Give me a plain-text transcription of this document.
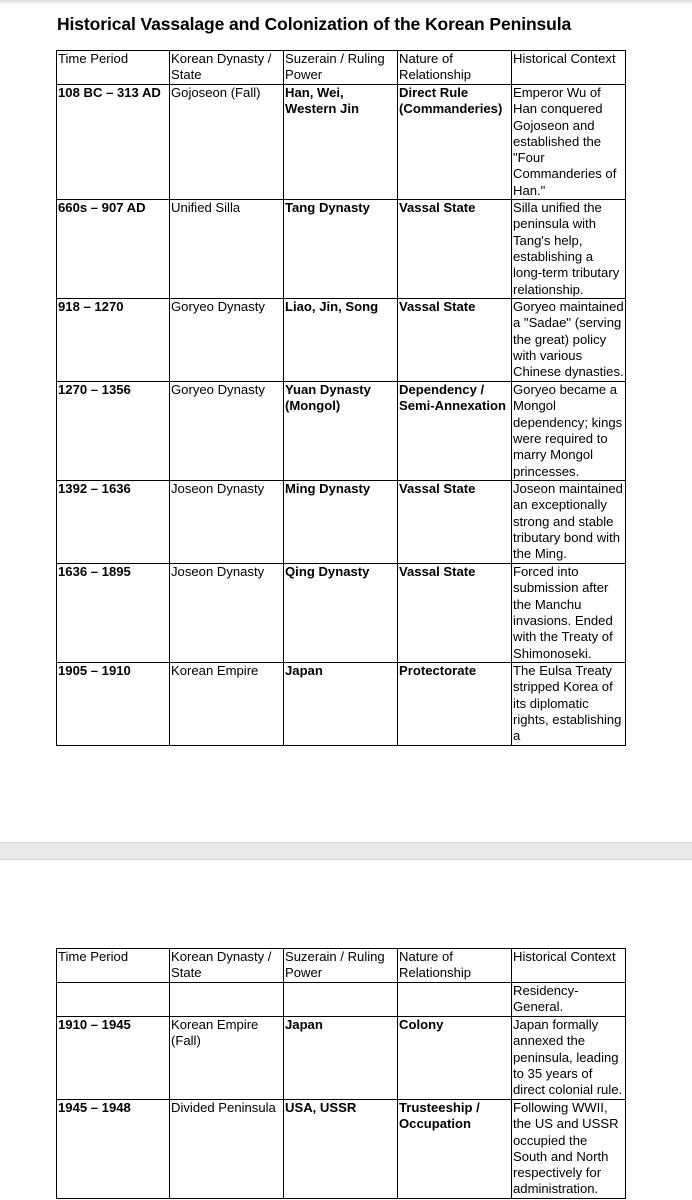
Historical Vassalage and Colonization of the Korean Peninsula
Time Period	Korean Dynasty / State	Suzerain / Ruling Power	Nature of Relationship	Historical Context
108 BC – 313 AD	Gojoseon (Fall)	Han, Wei, Western Jin	Direct Rule (Commanderies)	Emperor Wu of Han conquered Gojoseon and established the "Four Commanderies of Han."
660s – 907 AD	Unified Silla	Tang Dynasty	Vassal State	Silla unified the peninsula with Tang's help, establishing a long-term tributary relationship.
918 – 1270	Goryeo Dynasty	Liao, Jin, Song	Vassal State	Goryeo maintained a "Sadae" (serving the great) policy with various Chinese dynasties.
1270 – 1356	Goryeo Dynasty	Yuan Dynasty (Mongol)	Dependency / Semi-Annexation	Goryeo became a Mongol dependency; kings were required to marry Mongol princesses.
1392 – 1636	Joseon Dynasty	Ming Dynasty	Vassal State	Joseon maintained an exceptionally strong and stable tributary bond with the Ming.
1636 – 1895	Joseon Dynasty	Qing Dynasty	Vassal State	Forced into submission after the Manchu invasions. Ended with the Treaty of Shimonoseki.
1905 – 1910	Korean Empire	Japan	Protectorate	The Eulsa Treaty stripped Korea of its diplomatic rights, establishing a
Time Period	Korean Dynasty / State	Suzerain / Ruling Power	Nature of Relationship	Historical Context
				Residency-General.
1910 – 1945	Korean Empire (Fall)	Japan	Colony	Japan formally annexed the peninsula, leading to 35 years of direct colonial rule.
1945 – 1948	Divided Peninsula	USA, USSR	Trusteeship / Occupation	Following WWII, the US and USSR occupied the South and North respectively for administration.
